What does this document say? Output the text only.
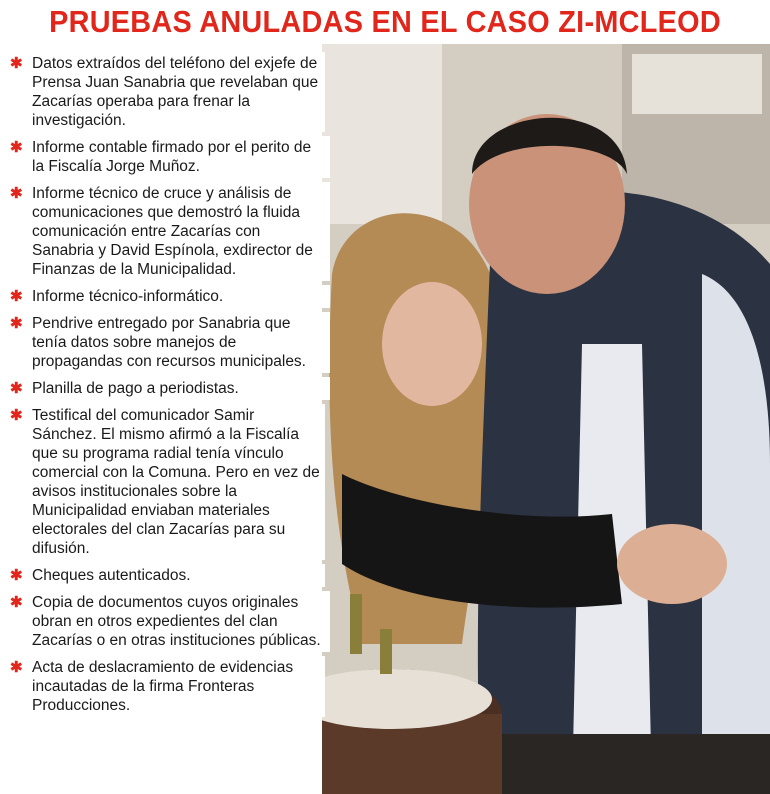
PRUEBAS ANULADAS EN EL CASO ZI-MCLEOD
✱ Datos extraídos del teléfono del exjefe de Prensa Juan Sanabria que revelaban que Zacarías operaba para frenar la investigación.
✱ Informe contable firmado por el perito de la Fiscalía Jorge Muñoz.
✱ Informe técnico de cruce y análisis de comunicaciones que demostró la fluida comunicación entre Zacarías con Sanabria y David Espínola, exdirector de Finanzas de la Municipalidad.
✱ Informe técnico-informático.
✱ Pendrive entregado por Sanabria que tenía datos sobre manejos de propagandas con recursos municipales.
✱ Planilla de pago a periodistas.
✱ Testifical del comunicador Samir Sánchez. El mismo afirmó a la Fiscalía que su programa radial tenía vínculo comercial con la Comuna. Pero en vez de avisos institucionales sobre la Municipalidad enviaban materiales electorales del clan Zacarías para su difusión.
✱ Cheques autenticados.
✱ Copia de documentos cuyos originales obran en otros expedientes del clan Zacarías o en otras instituciones públicas.
✱ Acta de deslacramiento de evidencias incautadas de la firma Fronteras Producciones.
